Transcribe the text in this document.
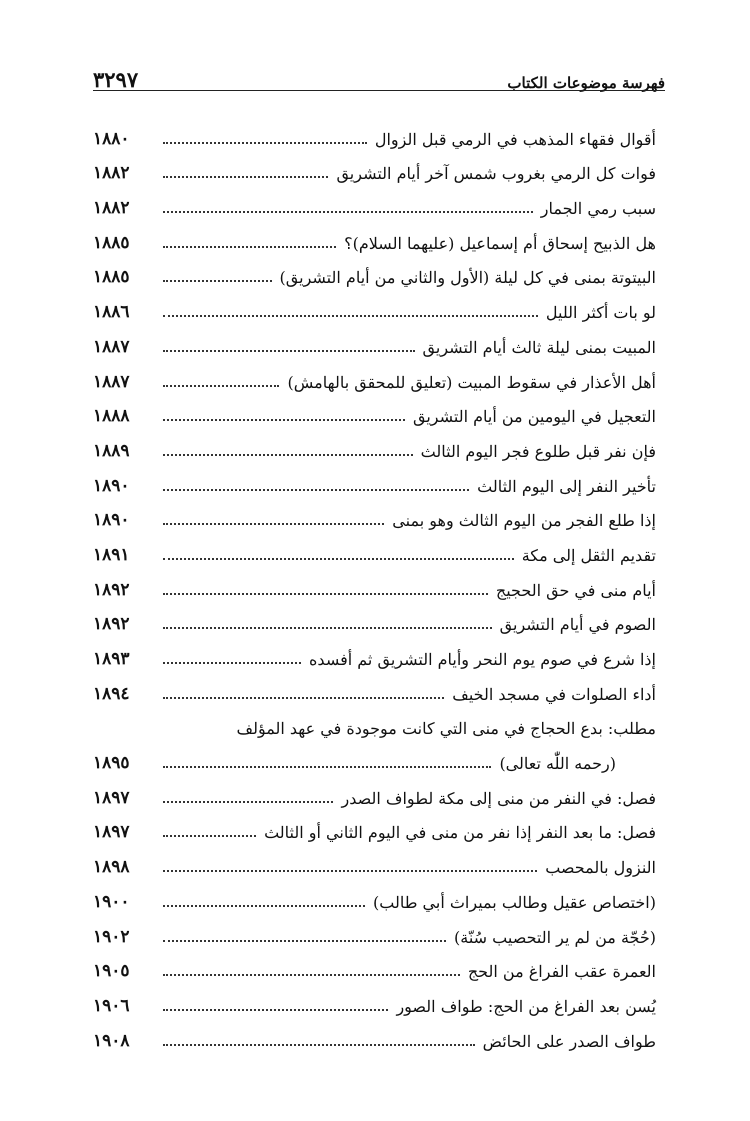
فهرسة موضوعات الكتاب
٣٢٩٧
أقوال فقهاء المذهب في الرمي قبل الزوال
١٨٨٠
فوات كل الرمي بغروب شمس آخر أيام التشريق
١٨٨٢
سبب رمي الجمار
١٨٨٢
هل الذبيح إسحاق أم إسماعيل (عليهما السلام)؟
١٨٨٥
البيتوتة بمنى في كل ليلة (الأول والثاني من أيام التشريق)
١٨٨٥
لو بات أكثر الليل
١٨٨٦
المبيت بمنى ليلة ثالث أيام التشريق
١٨٨٧
أهل الأعذار في سقوط المبيت (تعليق للمحقق بالهامش)
١٨٨٧
التعجيل في اليومين من أيام التشريق
١٨٨٨
فإن نفر قبل طلوع فجر اليوم الثالث
١٨٨٩
تأخير النفر إلى اليوم الثالث
١٨٩٠
إذا طلع الفجر من اليوم الثالث وهو بمنى
١٨٩٠
تقديم الثقل إلى مكة
١٨٩١
أيام منى في حق الحجيج
١٨٩٢
الصوم في أيام التشريق
١٨٩٢
إذا شرع في صوم يوم النحر وأيام التشريق ثم أفسده
١٨٩٣
أداء الصلوات في مسجد الخيف
١٨٩٤
مطلب: بدع الحجاج في منى التي كانت موجودة في عهد المؤلف
(رحمه اللّٰه تعالى)
١٨٩٥
فصل: في النفر من منى إلى مكة لطواف الصدر
١٨٩٧
فصل: ما بعد النفر إذا نفر من منى في اليوم الثاني أو الثالث
١٨٩٧
النزول بالمحصب
١٨٩٨
(اختصاص عقيل وطالب بميراث أبي طالب)
١٩٠٠
(حُجّة من لم ير التحصيب سُنّة)
١٩٠٢
العمرة عقب الفراغ من الحج
١٩٠٥
يُسن بعد الفراغ من الحج: طواف الصور
١٩٠٦
طواف الصدر على الحائض
١٩٠٨
